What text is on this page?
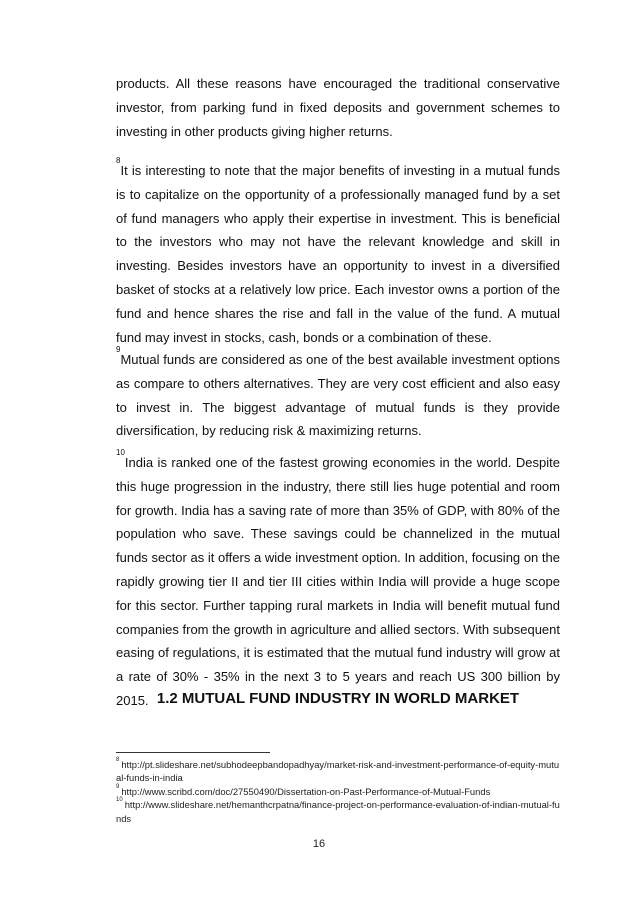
products. All these reasons have encouraged the traditional conservative investor, from parking fund in fixed deposits and government schemes to investing in other products giving higher returns.

$^8$It is interesting to note that the major benefits of investing in a mutual funds is to capitalize on the opportunity of a professionally managed fund by a set of fund managers who apply their expertise in investment. This is beneficial to the investors who may not have the relevant knowledge and skill in investing. Besides investors have an opportunity to invest in a diversified basket of stocks at a relatively low price. Each investor owns a portion of the fund and hence shares the rise and fall in the value of the fund. A mutual fund may invest in stocks, cash, bonds or a combination of these.

$^9$Mutual funds are considered as one of the best available investment options as compare to others alternatives. They are very cost efficient and also easy to invest in. The biggest advantage of mutual funds is they provide diversification, by reducing risk & maximizing returns.

$^{10}$India is ranked one of the fastest growing economies in the world. Despite this huge progression in the industry, there still lies huge potential and room for growth. India has a saving rate of more than 35% of GDP, with 80% of the population who save. These savings could be channelized in the mutual funds sector as it offers a wide investment option. In addition, focusing on the rapidly growing tier II and tier III cities within India will provide a huge scope for this sector. Further tapping rural markets in India will benefit mutual fund companies from the growth in agriculture and allied sectors. With subsequent easing of regulations, it is estimated that the mutual fund industry will grow at a rate of 30% - 35% in the next 3 to 5 years and reach US 300 billion by 2015. 1.2 MUTUAL FUND INDUSTRY IN WORLD MARKET

$^8$ http://pt.slideshare.net/subhodeepbandopadhyay/market-risk-and-investment-performance-of-equity-mutual-funds-in-india

$^9$ http://www.scribd.com/doc/27550490/Dissertation-on-Past-Performance-of-Mutual-Funds

$^{10}$ http://www.slideshare.net/hemanthcrpatna/finance-project-on-performance-evaluation-of-indian-mutual-funds

16
